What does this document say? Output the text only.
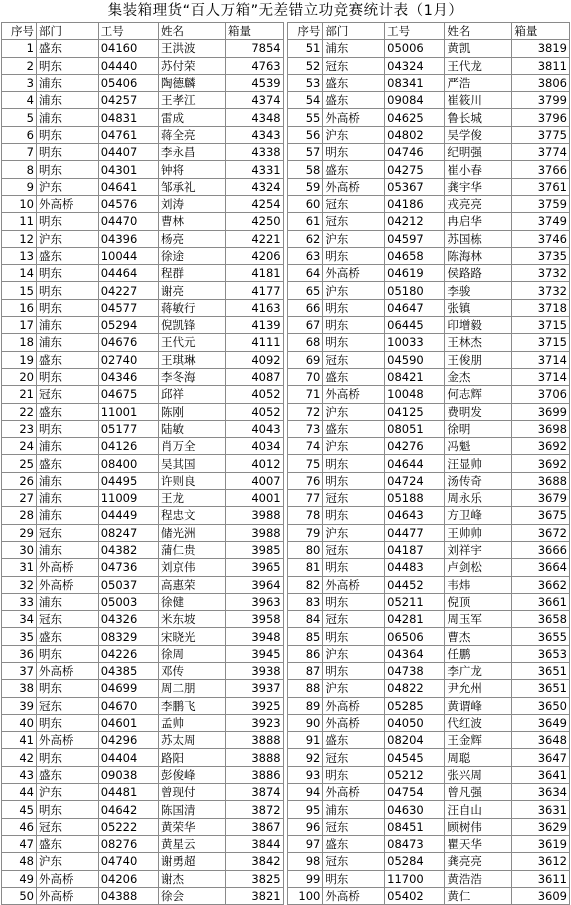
集装箱理货“百人万箱”无差错立功竞赛统计表（1月）
序号	部门	工号	姓名	箱量
1	盛东	04160	王洪波	7854
2	明东	04440	苏付荣	4763
3	浦东	05406	陶德麟	4539
4	浦东	04257	王孝江	4374
5	浦东	04831	雷成	4348
6	明东	04761	蒋全亮	4343
7	明东	04407	李永昌	4338
8	明东	04301	钟将	4331
9	沪东	04641	邹承礼	4324
10	外高桥	04576	刘涛	4254
11	明东	04470	曹林	4250
12	沪东	04396	杨亮	4221
13	盛东	10044	徐途	4206
14	明东	04464	程群	4181
15	明东	04227	谢亮	4177
16	明东	04577	蒋敏行	4163
17	浦东	05294	倪凯锋	4139
18	浦东	04676	王代元	4111
19	盛东	02740	王琪琳	4092
20	明东	04346	李冬海	4087
21	冠东	04675	邱祥	4052
22	盛东	11001	陈刚	4052
23	明东	05177	陆敏	4043
24	浦东	04126	肖万全	4034
25	盛东	08400	吴其国	4012
26	浦东	04495	许则良	4007
27	浦东	11009	王龙	4001
28	浦东	04449	程忠文	3988
29	冠东	08247	储光洲	3988
30	浦东	04382	蒲仁贵	3985
31	外高桥	04736	刘京伟	3965
32	外高桥	05037	高惠荣	3964
33	浦东	05003	徐健	3963
34	冠东	04326	米东坡	3958
35	盛东	08329	宋晓光	3948
36	明东	04226	徐周	3945
37	外高桥	04385	邓传	3938
38	明东	04699	周二朋	3937
39	冠东	04670	李鹏飞	3925
40	明东	04601	孟帅	3923
41	外高桥	04296	苏太周	3888
42	明东	04404	路阳	3888
43	盛东	09038	彭俊峰	3886
44	沪东	04481	曾现付	3874
45	明东	04642	陈国清	3872
46	冠东	05222	黄荣华	3867
47	盛东	08276	黄星云	3844
48	沪东	04740	谢勇超	3842
49	外高桥	04206	谢杰	3825
50	外高桥	04388	徐会	3821
序号	部门	工号	姓名	箱量
51	浦东	05006	黄凯	3819
52	冠东	04324	王代龙	3811
53	盛东	08341	严浩	3806
54	盛东	09084	崔筱川	3799
55	外高桥	04625	鲁长城	3796
56	沪东	04802	吴学俊	3775
57	明东	04746	纪明强	3774
58	盛东	04275	崔小春	3766
59	外高桥	05367	龚宇华	3761
60	冠东	04186	戎亮亮	3759
61	冠东	04212	冉启华	3749
62	沪东	04597	苏国栋	3746
63	明东	04658	陈海林	3735
64	外高桥	04619	侯路路	3732
65	沪东	05180	李骏	3732
66	明东	04647	张镇	3718
67	明东	06445	印增毅	3715
68	明东	10033	王林杰	3715
69	冠东	04590	王俊朋	3714
70	盛东	08421	金杰	3714
71	外高桥	10048	何志辉	3706
72	沪东	04125	费明发	3699
73	盛东	08051	徐明	3698
74	沪东	04276	冯魁	3692
75	明东	04644	汪显帅	3692
76	明东	04724	汤传奇	3688
77	冠东	05188	周永乐	3679
78	明东	04643	方卫峰	3675
79	沪东	04477	王帅帅	3672
80	冠东	04187	刘祥宇	3666
81	明东	04483	卢剑松	3664
82	外高桥	04452	韦炜	3662
83	明东	05211	倪顶	3661
84	冠东	04281	周玉军	3658
85	明东	06506	曹杰	3655
86	沪东	04364	任鹏	3653
87	明东	04738	李广龙	3651
88	沪东	04822	尹允州	3651
89	外高桥	05285	黄谓峰	3650
90	外高桥	04050	代红波	3649
91	盛东	08204	王金辉	3648
92	冠东	04545	周聪	3647
93	明东	05212	张兴周	3641
94	外高桥	04754	曾凡强	3634
95	浦东	04630	汪自山	3631
96	冠东	08451	顾树伟	3629
97	盛东	08473	瞿天华	3619
98	冠东	05284	龚亮亮	3612
99	明东	11700	黄浩浩	3611
100	外高桥	05402	黄仁	3609
